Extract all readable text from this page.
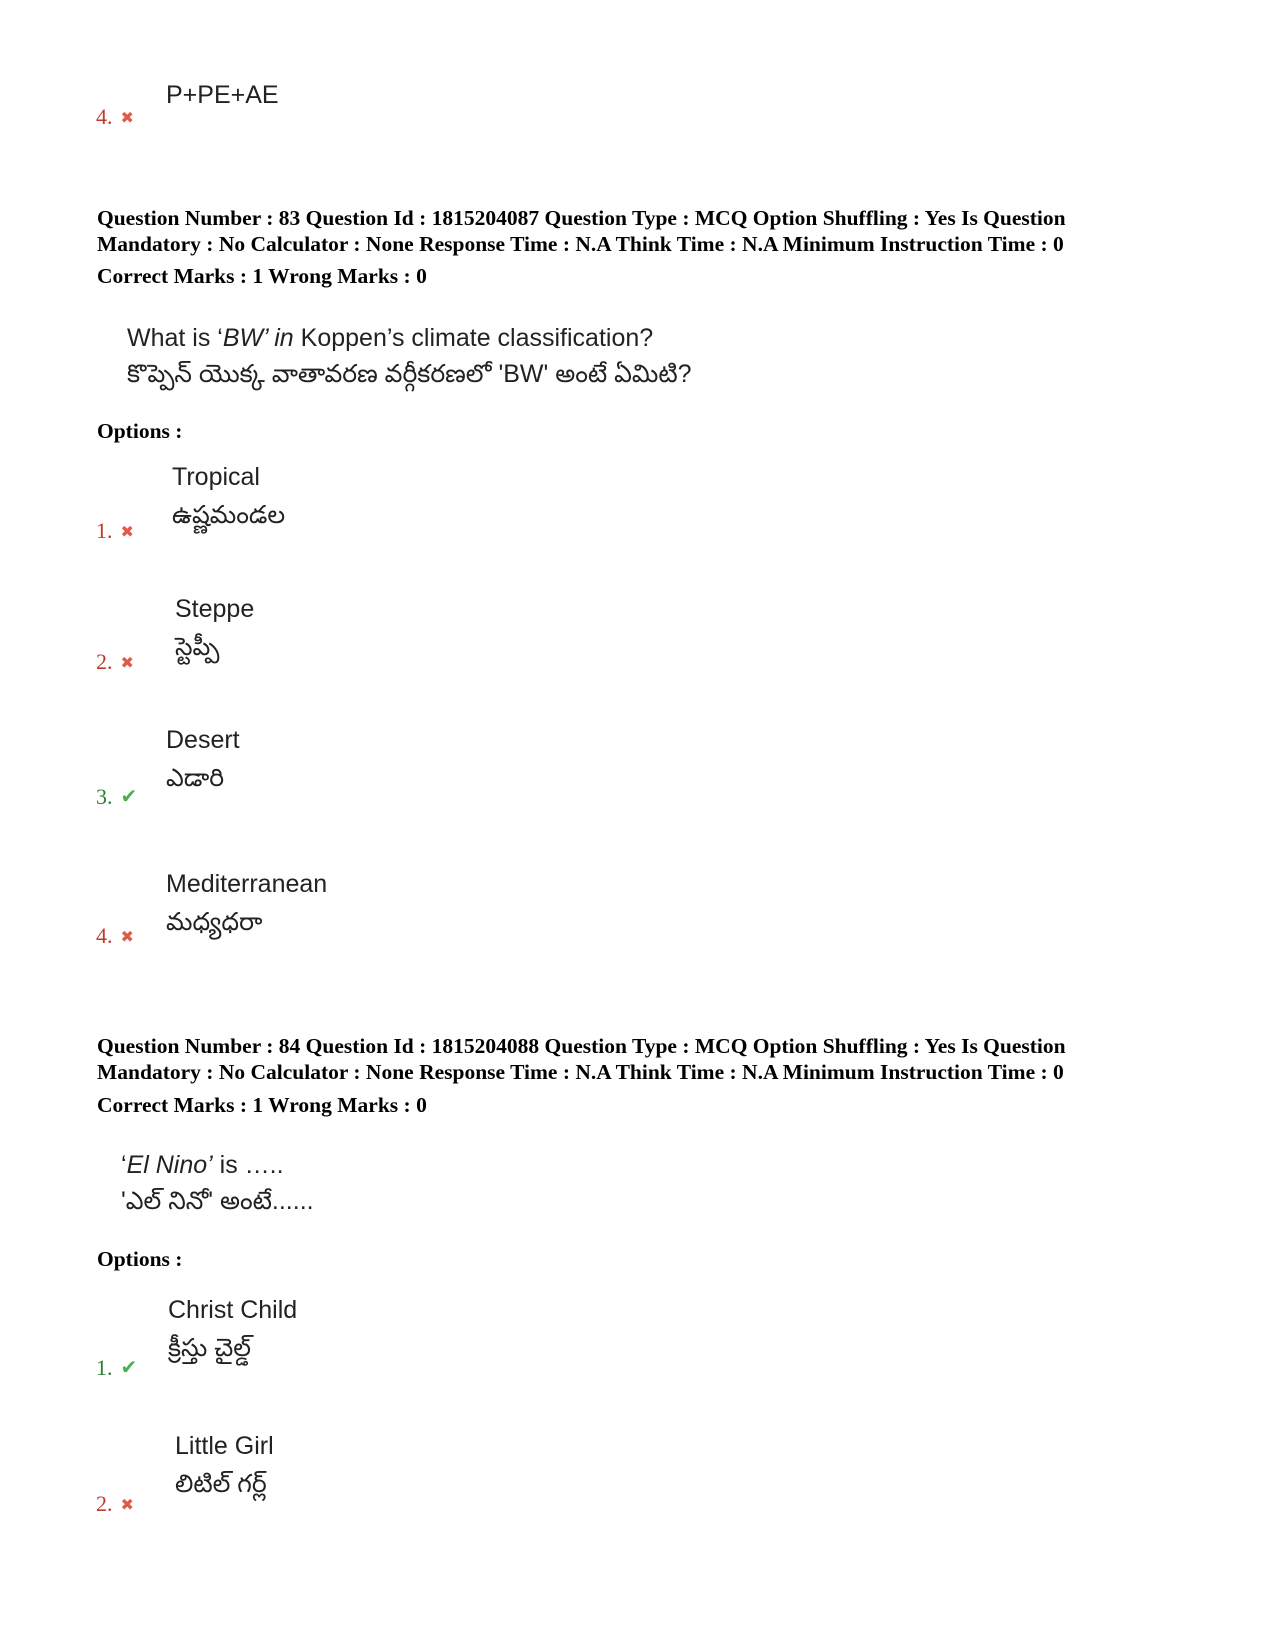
P+PE+AE
4. ✖
Question Number : 83 Question Id : 1815204087 Question Type : MCQ Option Shuffling : Yes Is Question
Mandatory : No Calculator : None Response Time : N.A Think Time : N.A Minimum Instruction Time : 0
Correct Marks : 1 Wrong Marks : 0
What is ‘BW’ in Koppen’s climate classification?
కొప్పెన్ యొక్క వాతావరణ వర్గీకరణలో 'BW' అంటే ఏమిటి?
Options :
Tropical
ఉష్ణమండల
1. ✖
Steppe
స్టెప్పీ
2. ✖
Desert
ఎడారి
3. ✔
Mediterranean
మధ్యధరా
4. ✖
Question Number : 84 Question Id : 1815204088 Question Type : MCQ Option Shuffling : Yes Is Question
Mandatory : No Calculator : None Response Time : N.A Think Time : N.A Minimum Instruction Time : 0
Correct Marks : 1 Wrong Marks : 0
‘El Nino’ is …..
'ఎల్ నినో' అంటే......
Options :
Christ Child
క్రీస్తు చైల్డ్
1. ✔
Little Girl
లిటిల్ గర్ల్
2. ✖
